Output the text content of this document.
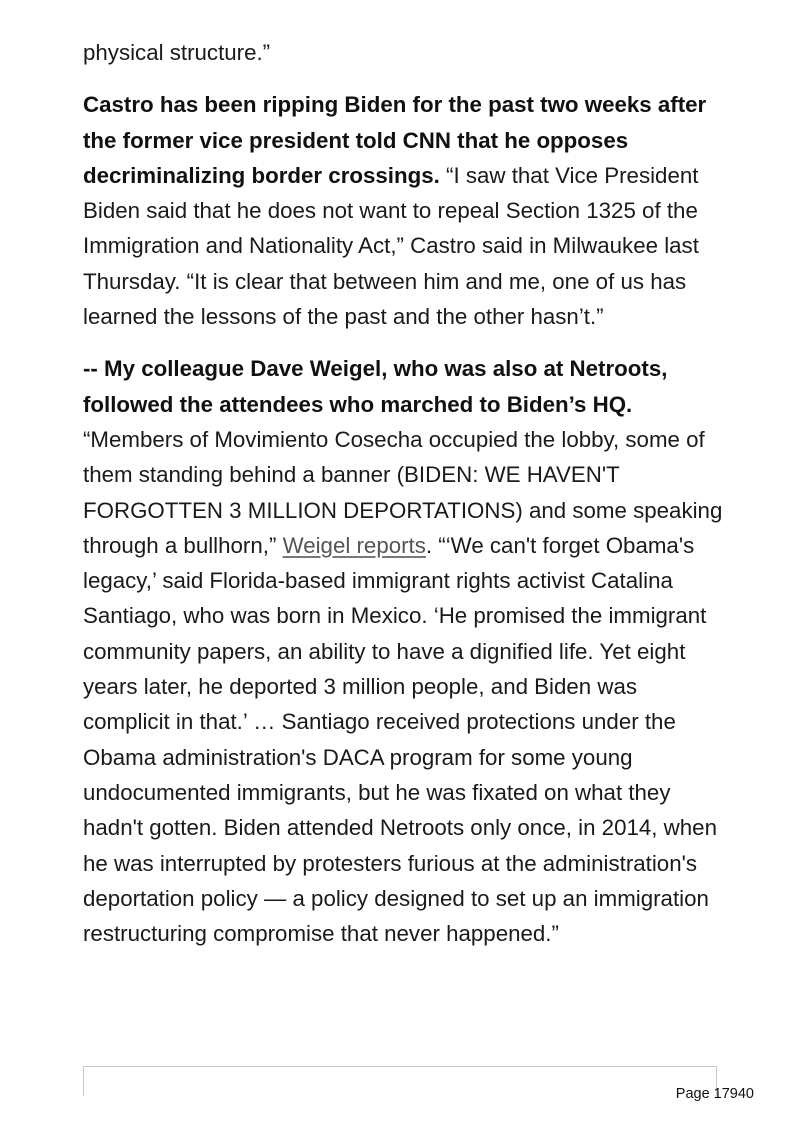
physical structure.”

Castro has been ripping Biden for the past two weeks after the former vice president told CNN that he opposes decriminalizing border crossings. “I saw that Vice President Biden said that he does not want to repeal Section 1325 of the Immigration and Nationality Act,” Castro said in Milwaukee last Thursday. “It is clear that between him and me, one of us has learned the lessons of the past and the other hasn’t.”

-- My colleague Dave Weigel, who was also at Netroots, followed the attendees who marched to Biden’s HQ. “Members of Movimiento Cosecha occupied the lobby, some of them standing behind a banner (BIDEN: WE HAVEN'T FORGOTTEN 3 MILLION DEPORTATIONS) and some speaking through a bullhorn,” Weigel reports. “‘We can't forget Obama's legacy,’ said Florida-based immigrant rights activist Catalina Santiago, who was born in Mexico. ‘He promised the immigrant community papers, an ability to have a dignified life. Yet eight years later, he deported 3 million people, and Biden was complicit in that.’ … Santiago received protections under the Obama administration's DACA program for some young undocumented immigrants, but he was fixated on what they hadn't gotten. Biden attended Netroots only once, in 2014, when he was interrupted by protesters furious at the administration's deportation policy — a policy designed to set up an immigration restructuring compromise that never happened.”

Page 17940
